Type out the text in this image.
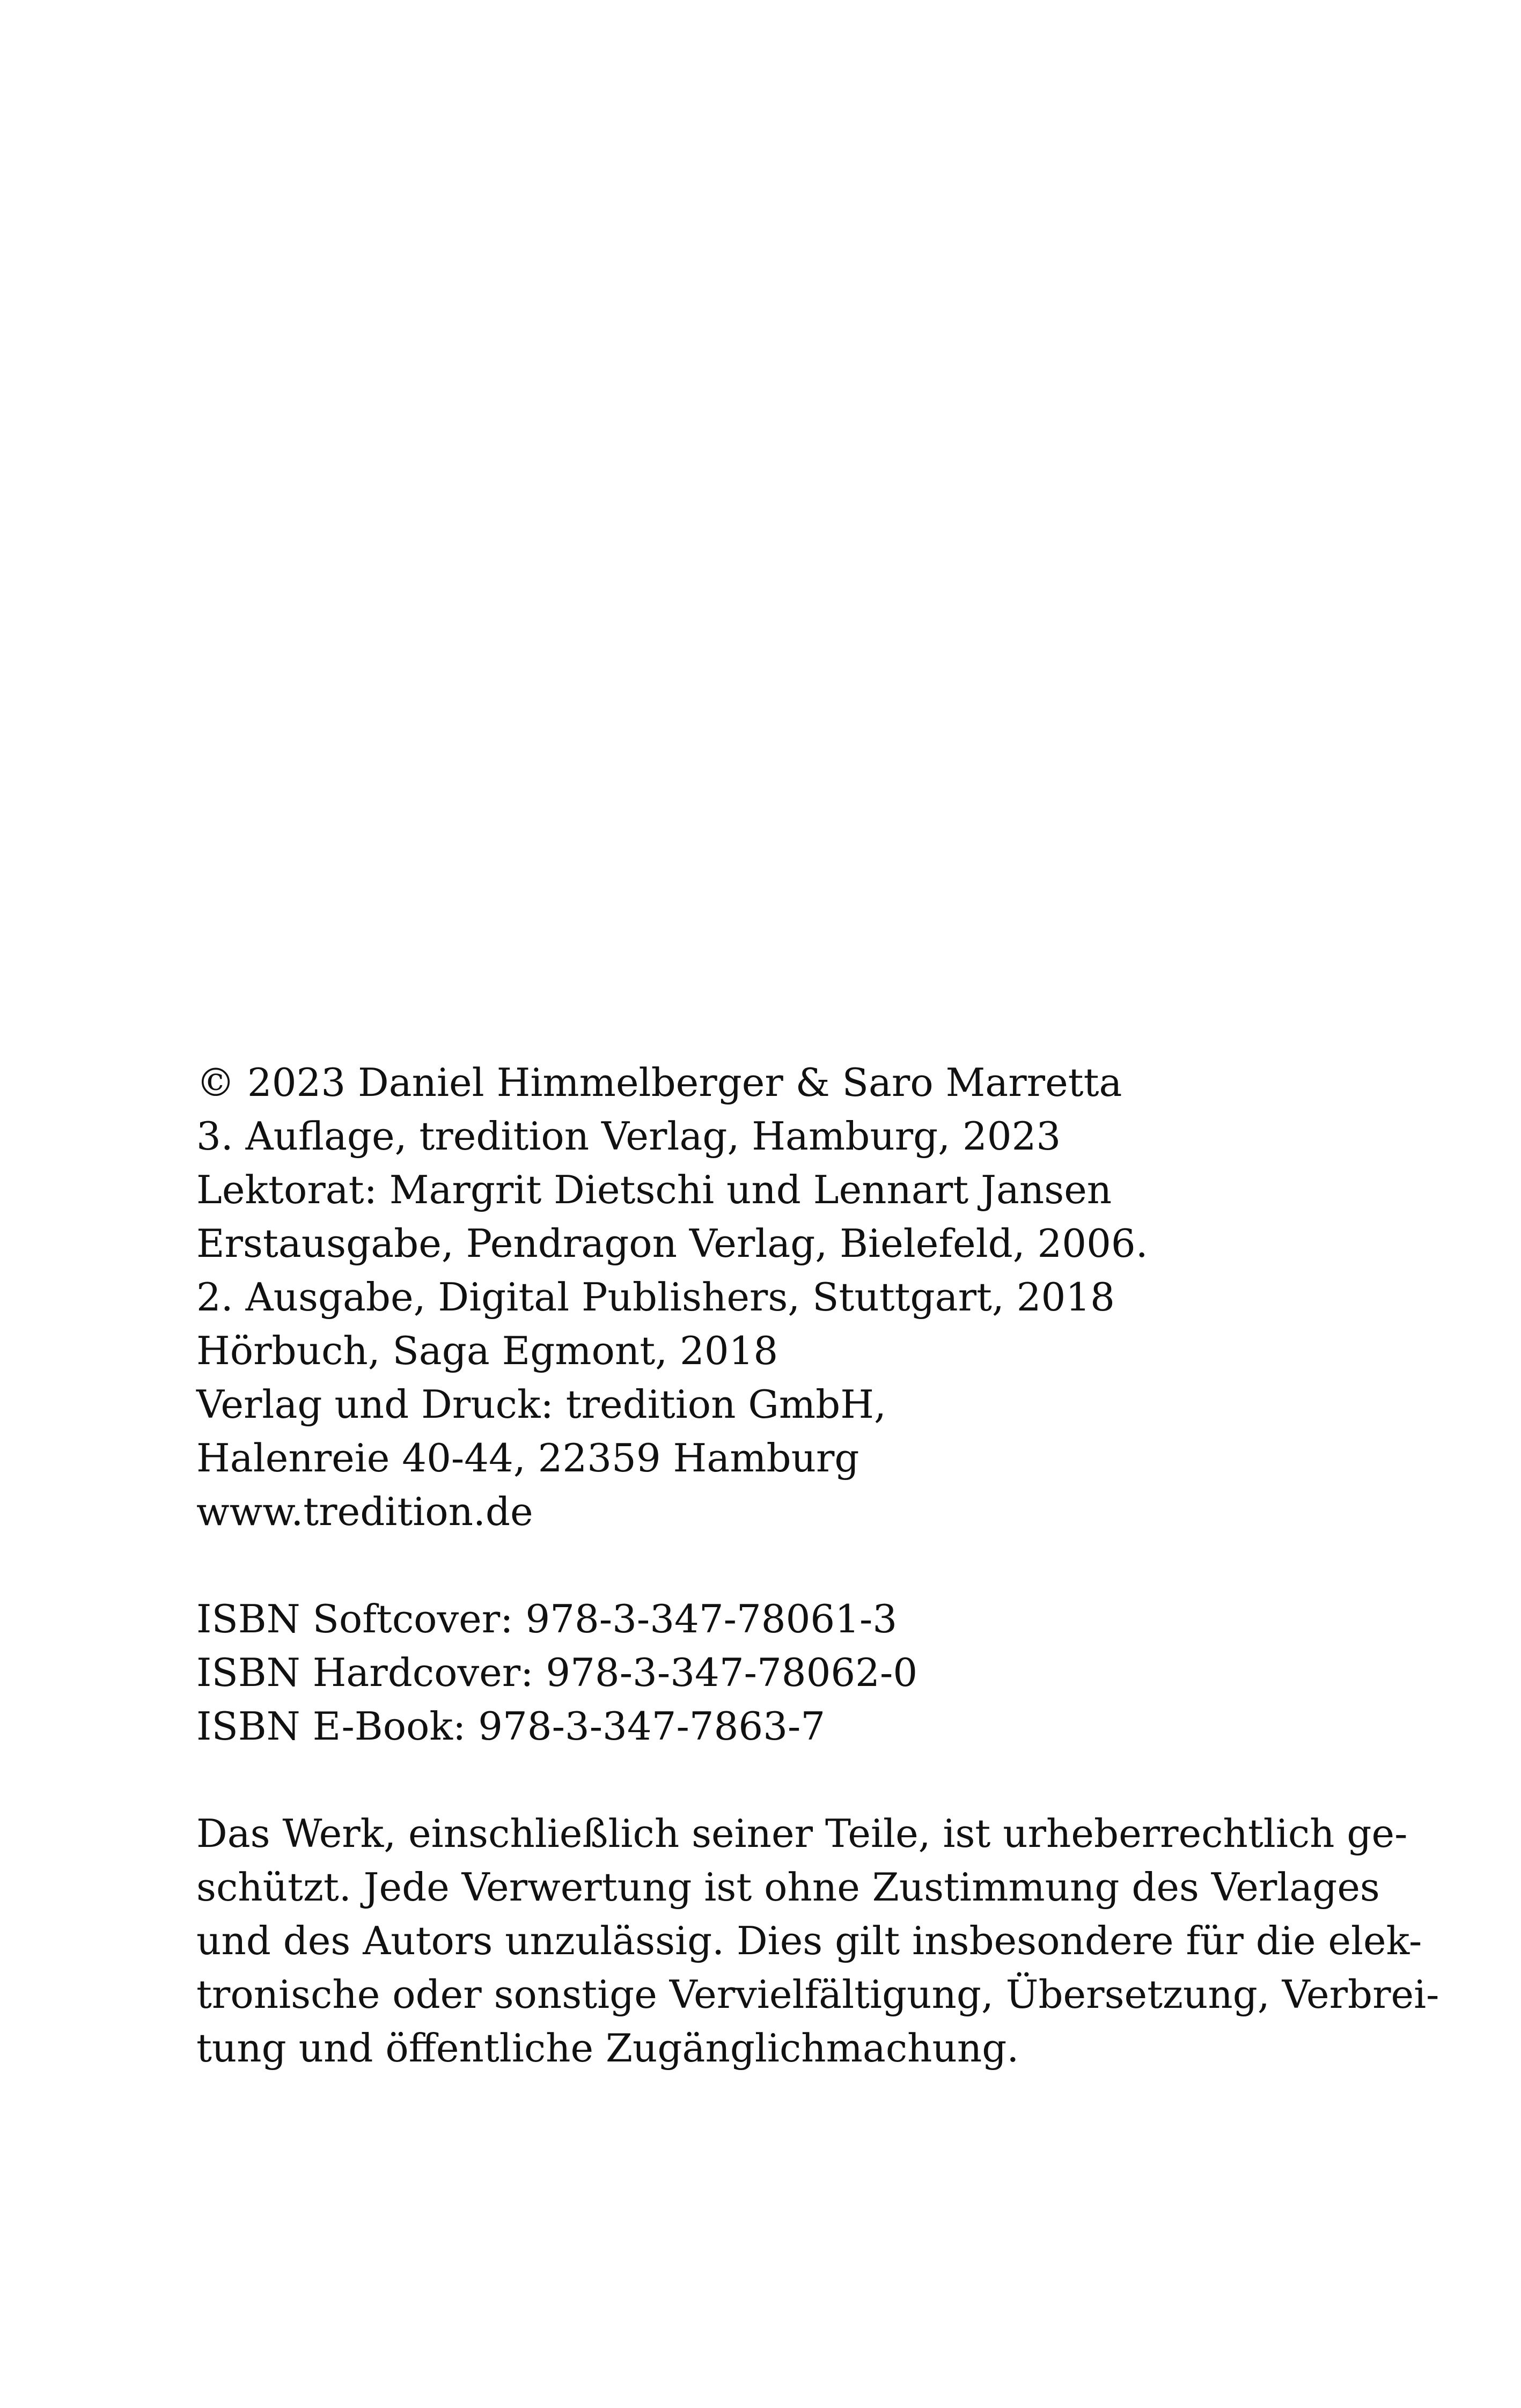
© 2023 Daniel Himmelberger & Saro Marretta
3. Auflage, tredition Verlag, Hamburg, 2023
Lektorat: Margrit Dietschi und Lennart Jansen
Erstausgabe, Pendragon Verlag, Bielefeld, 2006.
2. Ausgabe, Digital Publishers, Stuttgart, 2018
Hörbuch, Saga Egmont, 2018
Verlag und Druck: tredition GmbH,
Halenreie 40-44, 22359 Hamburg
www.tredition.de
ISBN Softcover: 978-3-347-78061-3
ISBN Hardcover: 978-3-347-78062-0
ISBN E-Book: 978-3-347-7863-7
Das Werk, einschließlich seiner Teile, ist urheberrechtlich ge-
schützt. Jede Verwertung ist ohne Zustimmung des Verlages
und des Autors unzulässig. Dies gilt insbesondere für die elek-
tronische oder sonstige Vervielfältigung, Übersetzung, Verbrei-
tung und öffentliche Zugänglichmachung.
